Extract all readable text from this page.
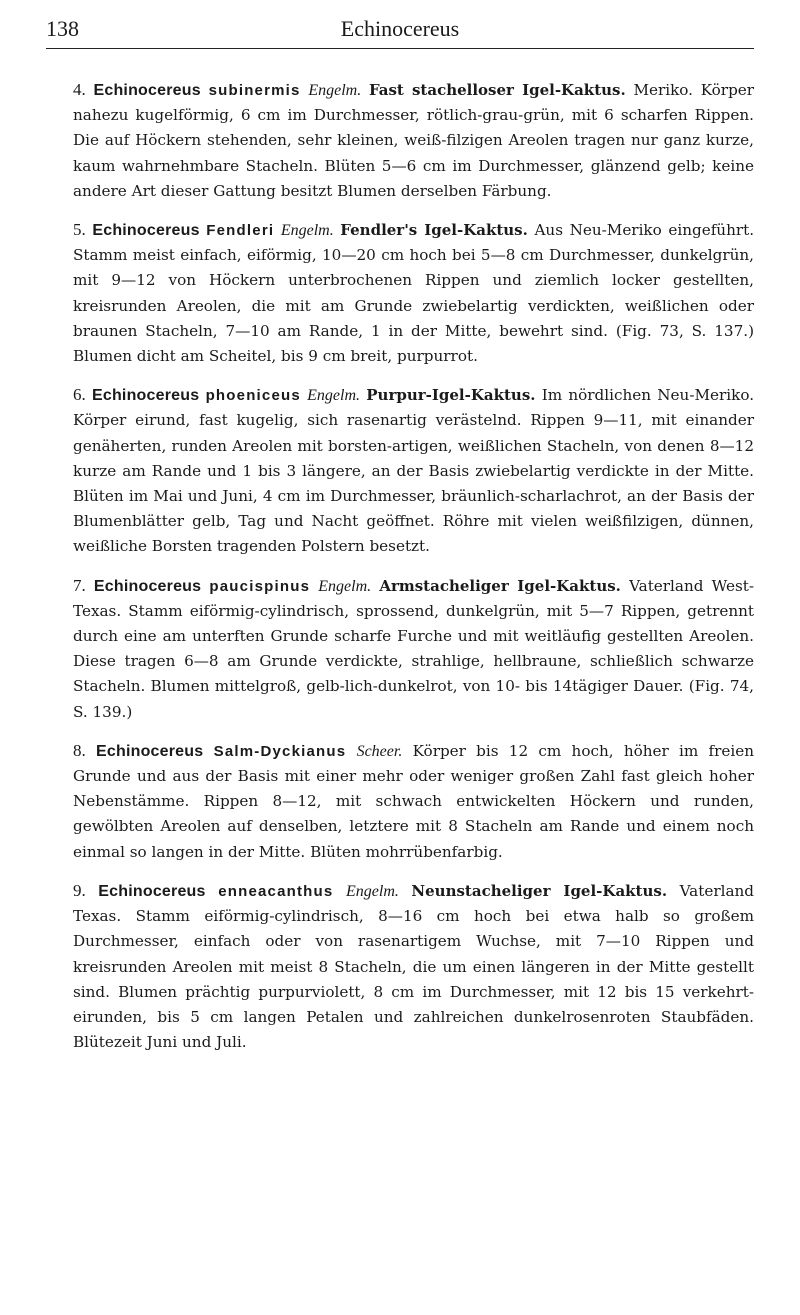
138	Echinocereus

4. Echinocereus subinermis Engelm. Fast stachelloser Igel-Kaktus. Meriko. Körper nahezu kugelförmig, 6 cm im Durchmesser, rötlich-grau-grün, mit 6 scharfen Rippen. Die auf Höckern stehenden, sehr kleinen, weiß-filzigen Areolen tragen nur ganz kurze, kaum wahrnehmbare Stacheln. Blüten 5—6 cm im Durchmesser, glänzend gelb; keine andere Art dieser Gattung besitzt Blumen derselben Färbung.

5. Echinocereus Fendleri Engelm. Fendler's Igel-Kaktus. Aus Neu-Meriko eingeführt. Stamm meist einfach, eiförmig, 10—20 cm hoch bei 5—8 cm Durchmesser, dunkelgrün, mit 9—12 von Höckern unterbrochenen Rippen und ziemlich locker gestellten, kreisrunden Areolen, die mit am Grunde zwiebelartig verdickten, weißlichen oder braunen Stacheln, 7—10 am Rande, 1 in der Mitte, bewehrt sind. (Fig. 73, S. 137.) Blumen dicht am Scheitel, bis 9 cm breit, purpurrot.

6. Echinocereus phoeniceus Engelm. Purpur-Igel-Kaktus. Im nördlichen Neu-Meriko. Körper eirund, fast kugelig, sich rasenartig verästelnd. Rippen 9—11, mit einander genäherten, runden Areolen mit borsten-artigen, weißlichen Stacheln, von denen 8—12 kurze am Rande und 1 bis 3 längere, an der Basis zwiebelartig verdickte in der Mitte. Blüten im Mai und Juni, 4 cm im Durchmesser, bräunlich-scharlachrot, an der Basis der Blumenblätter gelb, Tag und Nacht geöffnet. Röhre mit vielen weißfilzigen, dünnen, weißliche Borsten tragenden Polstern besetzt.

7. Echinocereus paucispinus Engelm. Armstacheliger Igel-Kaktus. Vaterland West-Texas. Stamm eiförmig-cylindrisch, sprossend, dunkelgrün, mit 5—7 Rippen, getrennt durch eine am unterften Grunde scharfe Furche und mit weitläufig gestellten Areolen. Diese tragen 6—8 am Grunde verdickte, strahlige, hellbraune, schließlich schwarze Stacheln. Blumen mittelgroß, gelb-lich-dunkelrot, von 10- bis 14tägiger Dauer. (Fig. 74, S. 139.)

8. Echinocereus Salm-Dyckianus Scheer. Körper bis 12 cm hoch, höher im freien Grunde und aus der Basis mit einer mehr oder weniger großen Zahl fast gleich hoher Nebenstämme. Rippen 8—12, mit schwach entwickelten Höckern und runden, gewölbten Areolen auf denselben, letztere mit 8 Stacheln am Rande und einem noch einmal so langen in der Mitte. Blüten mohrrübenfarbig.

9. Echinocereus enneacanthus Engelm. Neunstacheliger Igel-Kaktus. Vaterland Texas. Stamm eiförmig-cylindrisch, 8—16 cm hoch bei etwa halb so großem Durchmesser, einfach oder von rasenartigem Wuchse, mit 7—10 Rippen und kreisrunden Areolen mit meist 8 Stacheln, die um einen längeren in der Mitte gestellt sind. Blumen prächtig purpurviolett, 8 cm im Durchmesser, mit 12 bis 15 verkehrt-eirunden, bis 5 cm langen Petalen und zahlreichen dunkelrosenroten Staubfäden. Blütezeit Juni und Juli.
